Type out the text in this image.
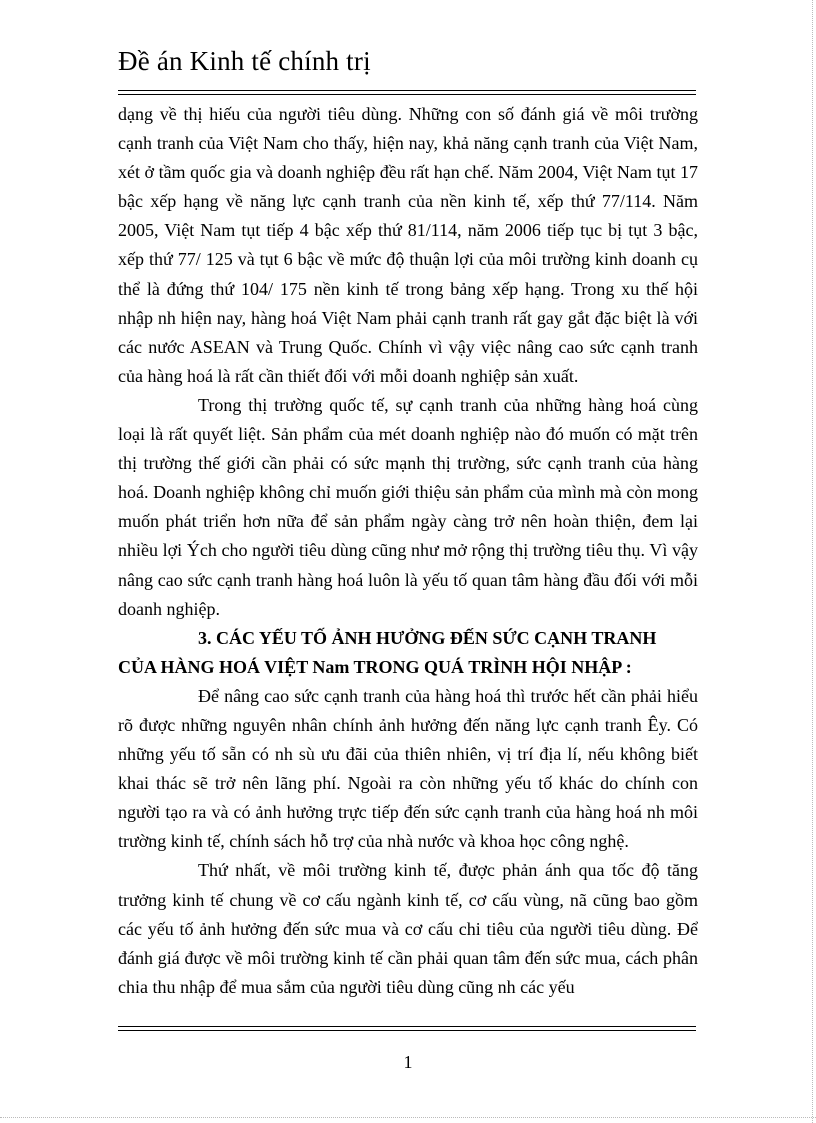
Đề án Kinh tế chính trị

dạng về thị hiếu của người tiêu dùng. Những con số đánh giá về môi trường cạnh tranh của Việt Nam cho thấy, hiện nay, khả năng cạnh tranh của Việt Nam, xét ở tầm quốc gia và doanh nghiệp đều rất hạn chế. Năm 2004, Việt Nam tụt 17 bậc xếp hạng về năng lực cạnh tranh của nền kinh tế, xếp thứ 77/114. Năm 2005, Việt Nam tụt tiếp 4 bậc xếp thứ 81/114, năm 2006 tiếp tục bị tụt 3 bậc, xếp thứ 77/ 125 và tụt 6 bậc về mức độ thuận lợi của môi trường kinh doanh cụ thể là đứng thứ 104/ 175 nền kinh tế trong bảng xếp hạng. Trong xu thế hội nhập nh hiện nay, hàng hoá Việt Nam phải cạnh tranh rất gay gắt đặc biệt là với các nước ASEAN và Trung Quốc. Chính vì vậy việc nâng cao sức cạnh tranh của hàng hoá là rất cần thiết đối với mỗi doanh nghiệp sản xuất.

Trong thị trường quốc tế, sự cạnh tranh của những hàng hoá cùng loại là rất quyết liệt. Sản phẩm của mét doanh nghiệp nào đó muốn có mặt trên thị trường thế giới cần phải có sức mạnh thị trường, sức cạnh tranh của hàng hoá. Doanh nghiệp không chỉ muốn giới thiệu sản phẩm của mình mà còn mong muốn phát triển hơn nữa để sản phẩm ngày càng trở nên hoàn thiện, đem lại nhiều lợi Ých cho người tiêu dùng cũng như mở rộng thị trường tiêu thụ. Vì vậy nâng cao sức cạnh tranh hàng hoá luôn là yếu tố quan tâm hàng đầu đối với mỗi doanh nghiệp.

3. CÁC YẾU TỐ ẢNH HƯỞNG ĐẾN SỨC CẠNH TRANH CỦA HÀNG HOÁ VIỆT Nam TRONG QUÁ TRÌNH HỘI NHẬP :

Để nâng cao sức cạnh tranh của hàng hoá thì trước hết cần phải hiểu rõ được những nguyên nhân chính ảnh hưởng đến năng lực cạnh tranh Êy. Có những yếu tố sẵn có nh sù ưu đãi của thiên nhiên, vị trí địa lí, nếu không biết khai thác sẽ trở nên lãng phí. Ngoài ra còn những yếu tố khác do chính con người tạo ra và có ảnh hưởng trực tiếp đến sức cạnh tranh của hàng hoá nh môi trường kinh tế, chính sách hỗ trợ của nhà nước và khoa học công nghệ.

Thứ nhất, về môi trường kinh tế, được phản ánh qua tốc độ tăng trưởng kinh tế chung về cơ cấu ngành kinh tế, cơ cấu vùng, nã cũng bao gồm các yếu tố ảnh hưởng đến sức mua và cơ cấu chi tiêu của người tiêu dùng. Để đánh giá được về môi trường kinh tế cần phải quan tâm đến sức mua, cách phân chia thu nhập để mua sắm của người tiêu dùng cũng nh các yếu

1
